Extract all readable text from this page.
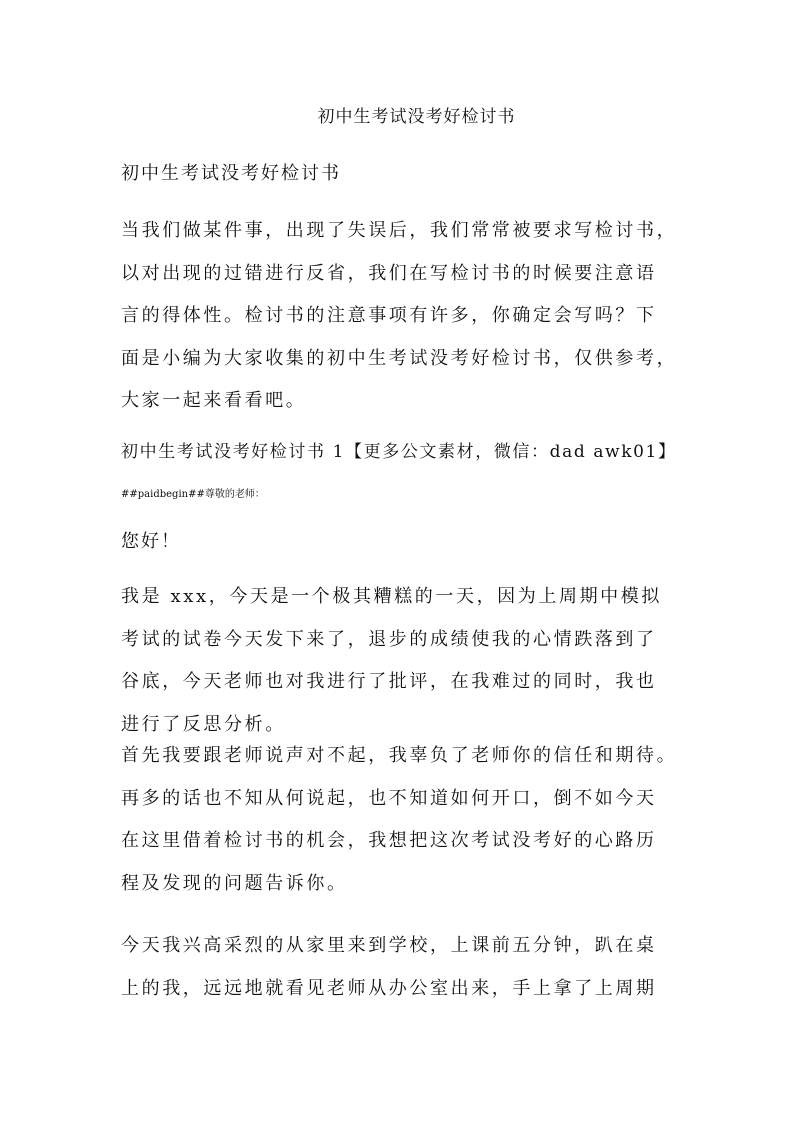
初中生考试没考好检讨书
初中生考试没考好检讨书

当我们做某件事，出现了失误后，我们常常被要求写检讨书，
以对出现的过错进行反省，我们在写检讨书的时候要注意语
言的得体性。检讨书的注意事项有许多，你确定会写吗？下
面是小编为大家收集的初中生考试没考好检讨书，仅供参考，
大家一起来看看吧。

初中生考试没考好检讨书 1【更多公文素材，微信：dad awk01】
##paidbegin##尊敬的老师：
您好！

我是 xxx，今天是一个极其糟糕的一天，因为上周期中模拟
考试的试卷今天发下来了，退步的成绩使我的心情跌落到了
谷底，今天老师也对我进行了批评，在我难过的同时，我也
进行了反思分析。

首先我要跟老师说声对不起，我辜负了老师你的信任和期待。
再多的话也不知从何说起，也不知道如何开口，倒不如今天
在这里借着检讨书的机会，我想把这次考试没考好的心路历
程及发现的问题告诉你。

今天我兴高采烈的从家里来到学校，上课前五分钟，趴在桌
上的我，远远地就看见老师从办公室出来，手上拿了上周期
